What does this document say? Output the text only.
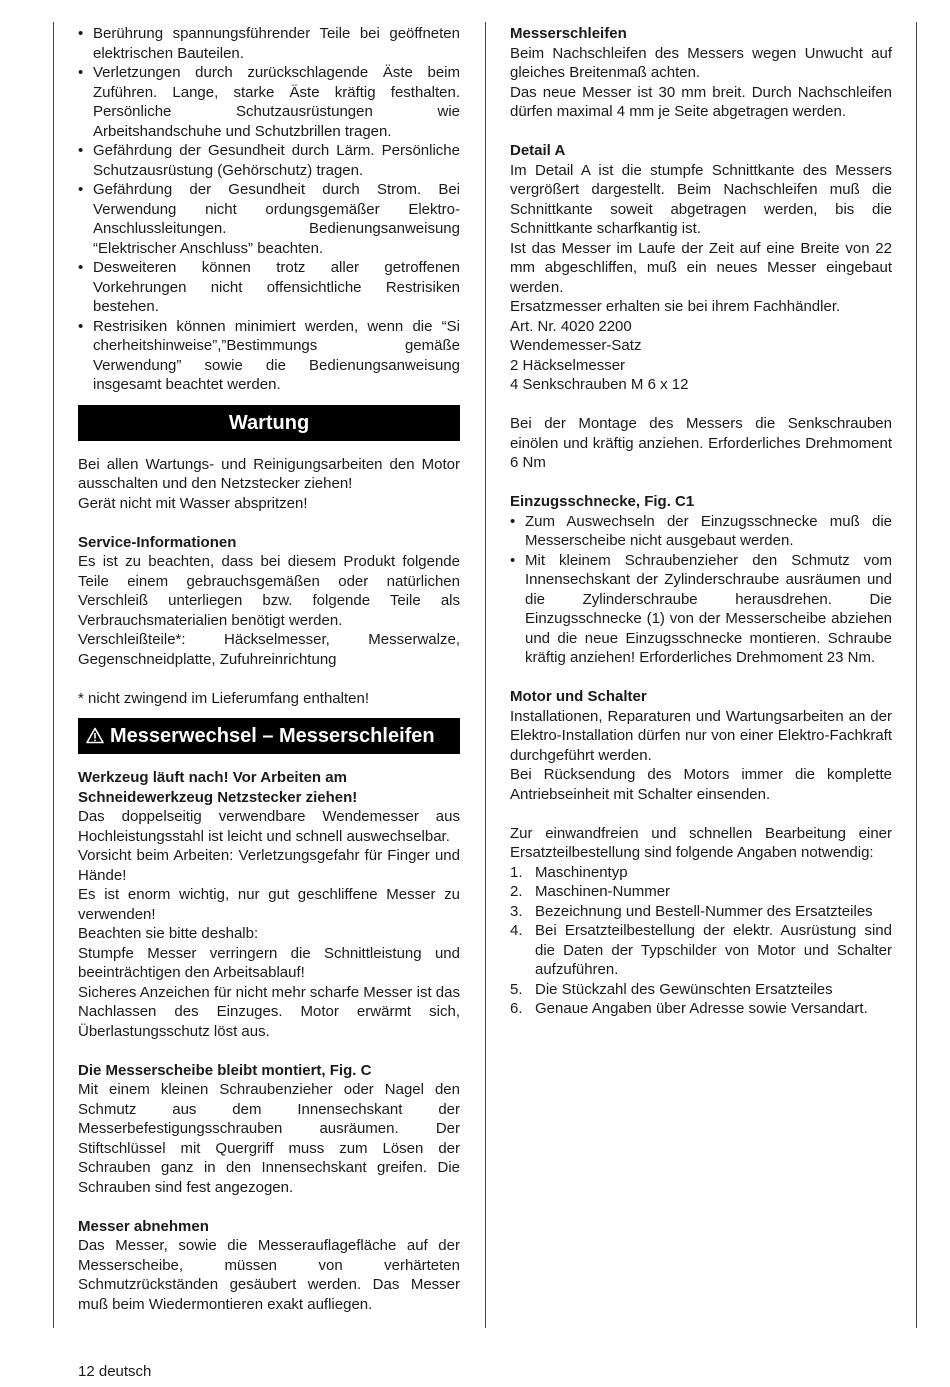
• Berührung spannungsführender Teile bei geöffneten elektrischen Bauteilen.
• Verletzungen durch zurückschlagende Äste beim Zuführen. Lange, starke Äste kräftig festhalten. Persönliche Schutzausrüstungen wie Arbeitshandschuhe und Schutzbrillen tragen.
• Gefährdung der Gesundheit durch Lärm. Persönliche Schutzausrüstung (Gehörschutz) tragen.
• Gefährdung der Gesundheit durch Strom. Bei Verwendung nicht ordungsgemäßer Elektro-Anschlussleitungen. Bedienungsanweisung “Elektrischer Anschluss” beachten.
• Desweiteren können trotz aller getroffenen Vorkehrungen nicht offensichtliche Restrisiken bestehen.
• Restrisiken können minimiert werden, wenn die “Si cherheitshinweise”,”Bestimmungs gemäße Verwendung” sowie die Bedienungsanweisung insgesamt beachtet werden.
Wartung

Bei allen Wartungs- und Reinigungsarbeiten den Motor ausschalten und den Netzstecker ziehen!

Gerät nicht mit Wasser abspritzen!

Service-Informationen

Es ist zu beachten, dass bei diesem Produkt folgende Teile einem gebrauchsgemäßen oder natürlichen Verschleiß unterliegen bzw. folgende Teile als Verbrauchsmaterialien benötigt werden.

Verschleißteile*: Häckselmesser, Messerwalze, Gegenschneidplatte, Zufuhreinrichtung

* nicht zwingend im Lieferumfang enthalten!

Messerwechsel – Messerschleifen

Werkzeug läuft nach! Vor Arbeiten am Schneidewerkzeug Netzstecker ziehen!

Das doppelseitig verwendbare Wendemesser aus Hochleistungsstahl ist leicht und schnell auswechselbar.

Vorsicht beim Arbeiten: Verletzungsgefahr für Finger und Hände!

Es ist enorm wichtig, nur gut geschliffene Messer zu verwenden!

Beachten sie bitte deshalb:

Stumpfe Messer verringern die Schnittleistung und beeinträchtigen den Arbeitsablauf!

Sicheres Anzeichen für nicht mehr scharfe Messer ist das Nachlassen des Einzuges. Motor erwärmt sich, Überlastungsschutz löst aus.

Die Messerscheibe bleibt montiert, Fig. C

Mit einem kleinen Schraubenzieher oder Nagel den Schmutz aus dem Innensechskant der Messerbefestigungsschrauben ausräumen. Der Stiftschlüssel mit Quergriff muss zum Lösen der Schrauben ganz in den Innensechskant greifen. Die Schrauben sind fest angezogen.

Messer abnehmen

Das Messer, sowie die Messerauflagefläche auf der Messerscheibe, müssen von verhärteten Schmutzrückständen gesäubert werden. Das Messer muß beim Wiedermontieren exakt aufliegen.

Messerschleifen

Beim Nachschleifen des Messers wegen Unwucht auf gleiches Breitenmaß achten.

Das neue Messer ist 30 mm breit. Durch Nachschleifen dürfen maximal 4 mm je Seite abgetragen werden.

Detail A

Im Detail A ist die stumpfe Schnittkante des Messers vergrößert dargestellt. Beim Nachschleifen muß die Schnittkante soweit abgetragen werden, bis die Schnittkante scharfkantig ist.

Ist das Messer im Laufe der Zeit auf eine Breite von 22 mm abgeschliffen, muß ein neues Messer eingebaut werden.

Ersatzmesser erhalten sie bei ihrem Fachhändler.

Art. Nr. 4020 2200

Wendemesser-Satz

2 Häckselmesser

4 Senkschrauben M 6 x 12

Bei der Montage des Messers die Senkschrauben einölen und kräftig anziehen. Erforderliches Drehmoment 6 Nm

Einzugsschnecke, Fig. C1

• Zum Auswechseln der Einzugsschnecke muß die Messerscheibe nicht ausgebaut werden.
• Mit kleinem Schraubenzieher den Schmutz vom Innensechskant der Zylinderschraube ausräumen und die Zylinderschraube herausdrehen. Die Einzugsschnecke (1) von der Messerscheibe abziehen und die neue Einzugsschnecke montieren. Schraube kräftig anziehen! Erforderliches Drehmoment 23 Nm.

Motor und Schalter

Installationen, Reparaturen und Wartungsarbeiten an der Elektro-Installation dürfen nur von einer Elektro-Fachkraft durchgeführt werden.

Bei Rücksendung des Motors immer die komplette Antriebseinheit mit Schalter einsenden.

Zur einwandfreien und schnellen Bearbeitung einer Ersatzteilbestellung sind folgende Angaben notwendig:

1. Maschinentyp
2. Maschinen-Nummer
3. Bezeichnung und Bestell-Nummer des Ersatzteiles
4. Bei Ersatzteilbestellung der elektr. Ausrüstung sind die Daten der Typschilder von Motor und Schalter aufzuführen.
5. Die Stückzahl des Gewünschten Ersatzteiles
6. Genaue Angaben über Adresse sowie Versandart.
12 deutsch
